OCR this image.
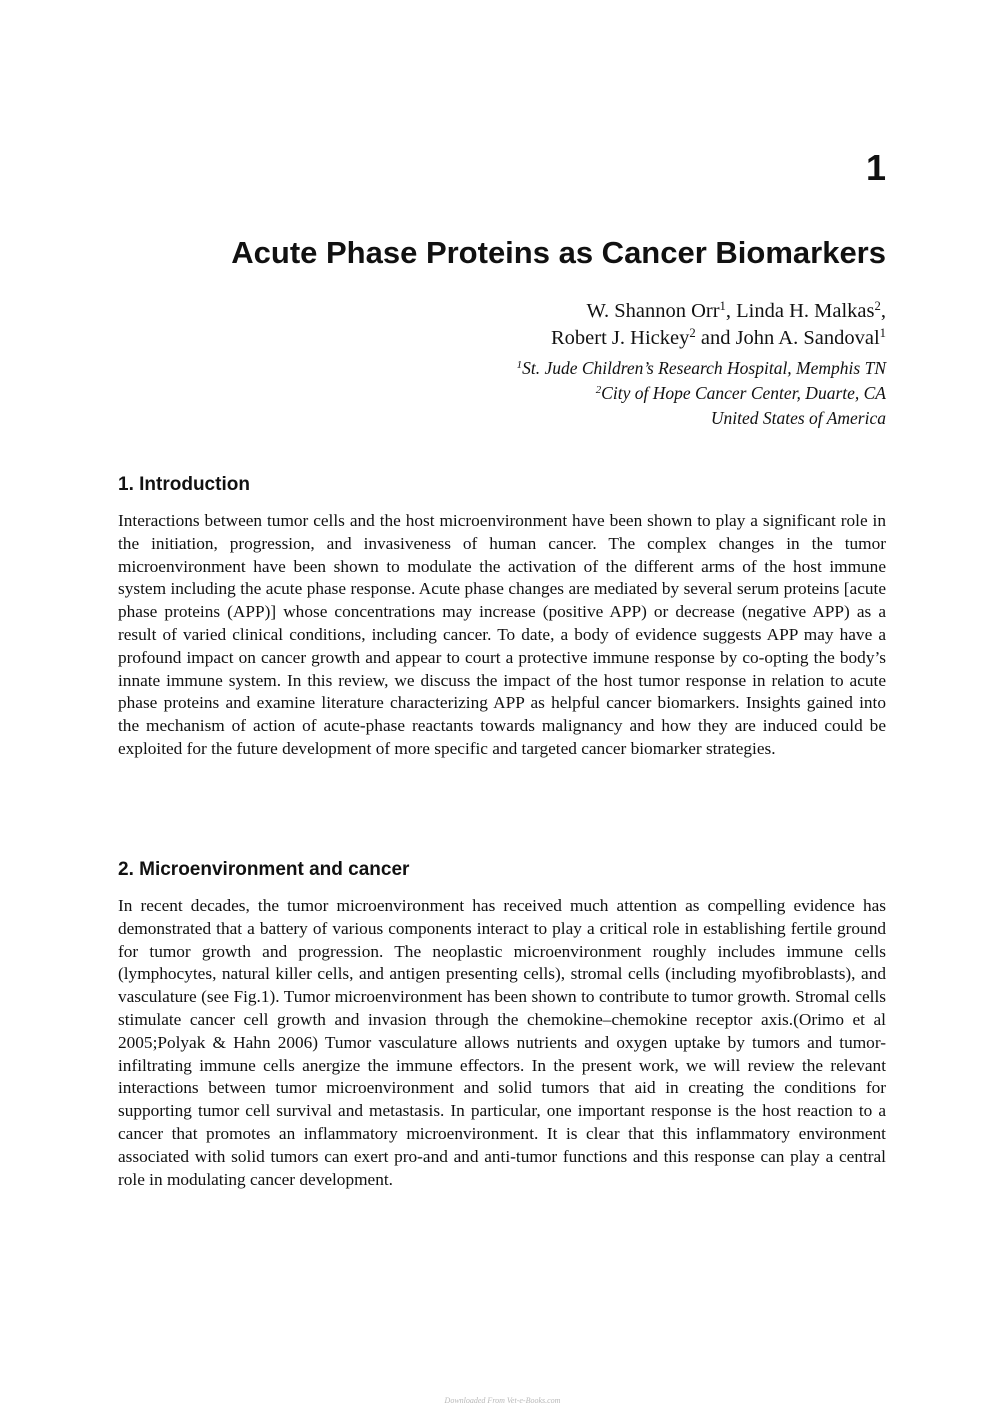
1
Acute Phase Proteins as Cancer Biomarkers
W. Shannon Orr$^1$, Linda H. Malkas$^2$,
Robert J. Hickey$^2$ and John A. Sandoval$^1$
$^1$St. Jude Children’s Research Hospital, Memphis TN
$^2$City of Hope Cancer Center, Duarte, CA
United States of America
1. Introduction

Interactions between tumor cells and the host microenvironment have been shown to play a significant role in the initiation, progression, and invasiveness of human cancer. The complex changes in the tumor microenvironment have been shown to modulate the activation of the different arms of the host immune system including the acute phase response. Acute phase changes are mediated by several serum proteins [acute phase proteins (APP)] whose concentrations may increase (positive APP) or decrease (negative APP) as a result of varied clinical conditions, including cancer. To date, a body of evidence suggests APP may have a profound impact on cancer growth and appear to court a protective immune response by co-opting the body’s innate immune system. In this review, we discuss the impact of the host tumor response in relation to acute phase proteins and examine literature characterizing APP as helpful cancer biomarkers. Insights gained into the mechanism of action of acute-phase reactants towards malignancy and how they are induced could be exploited for the future development of more specific and targeted cancer biomarker strategies.

2. Microenvironment and cancer

In recent decades, the tumor microenvironment has received much attention as compelling evidence has demonstrated that a battery of various components interact to play a critical role in establishing fertile ground for tumor growth and progression. The neoplastic microenvironment roughly includes immune cells (lymphocytes, natural killer cells, and antigen presenting cells), stromal cells (including myofibroblasts), and vasculature (see Fig.1). Tumor microenvironment has been shown to contribute to tumor growth. Stromal cells stimulate cancer cell growth and invasion through the chemokine–chemokine receptor axis.(Orimo et al 2005;Polyak & Hahn 2006) Tumor vasculature allows nutrients and oxygen uptake by tumors and tumor-infiltrating immune cells anergize the immune effectors. In the present work, we will review the relevant interactions between tumor microenvironment and solid tumors that aid in creating the conditions for supporting tumor cell survival and metastasis. In particular, one important response is the host reaction to a cancer that promotes an inflammatory microenvironment. It is clear that this inflammatory environment associated with solid tumors can exert pro-and and anti-tumor functions and this response can play a central role in modulating cancer development.

Downloaded From Vet-e-Books.com
